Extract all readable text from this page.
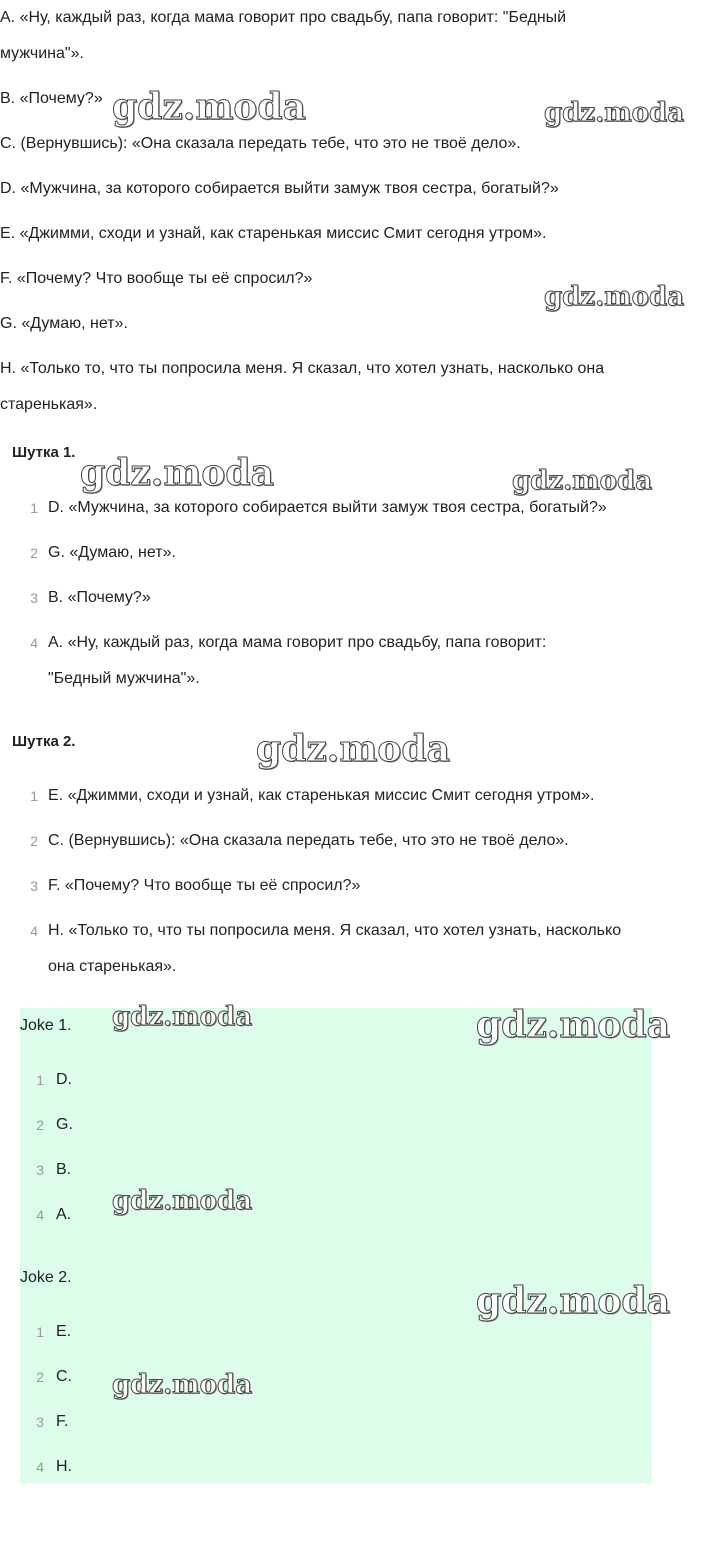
A. «Ну, каждый раз, когда мама говорит про свадьбу, папа говорит: "Бедный
мужчина"».
B. «Почему?»
C. (Вернувшись): «Она сказала передать тебе, что это не твоё дело».
D. «Мужчина, за которого собирается выйти замуж твоя сестра, богатый?»
E. «Джимми, сходи и узнай, как старенькая миссис Смит сегодня утром».
F. «Почему? Что вообще ты её спросил?»
G. «Думаю, нет».
H. «Только то, что ты попросила меня. Я сказал, что хотел узнать, насколько она
старенькая».
Шутка 1.
1 D. «Мужчина, за которого собирается выйти замуж твоя сестра, богатый?»
2 G. «Думаю, нет».
3 B. «Почему?»
4 A. «Ну, каждый раз, когда мама говорит про свадьбу, папа говорит:
"Бедный мужчина"».
Шутка 2.
1 E. «Джимми, сходи и узнай, как старенькая миссис Смит сегодня утром».
2 C. (Вернувшись): «Она сказала передать тебе, что это не твоё дело».
3 F. «Почему? Что вообще ты её спросил?»
4 H. «Только то, что ты попросила меня. Я сказал, что хотел узнать, насколько
она старенькая».
Joke 1.
1 D.
2 G.
3 B.
4 A.
Joke 2.
1 E.
2 C.
3 F.
4 H.
gdz.moda	gdz.moda
gdz.moda
gdz.moda	gdz.moda
gdz.moda
gdz.moda	gdz.moda
gdz.moda
gdz.moda
gdz.moda
